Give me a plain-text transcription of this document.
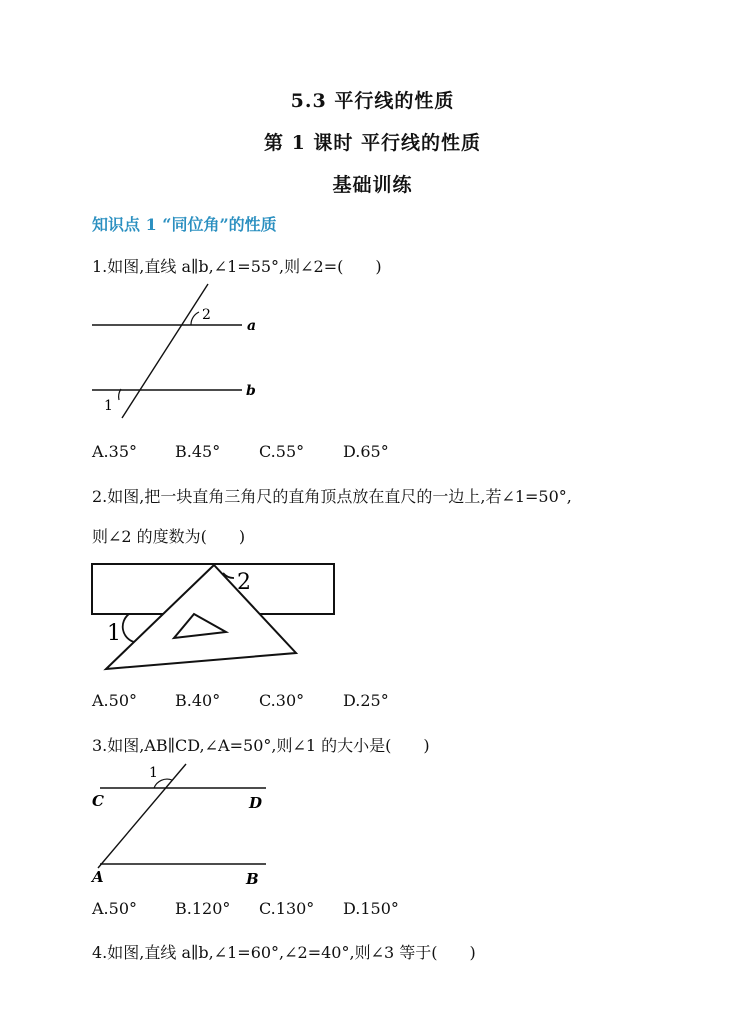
5.3 平行线的性质
第 1 课时 平行线的性质
基础训练
知识点 1 “同位角”的性质
1.如图,直线 a∥b,∠1=55°,则∠2=(　　)
2
a
b
1
A.35° B.45° C.55° D.65°
2.如图,把一块直角三角尺的直角顶点放在直尺的一边上,若∠1=50°,
则∠2 的度数为(　　)
2
1
A.50° B.40° C.30° D.25°
3.如图,AB∥CD,∠A=50°,则∠1 的大小是(　　)
1
C	D
A	B
A.50° B.120° C.130° D.150°
4.如图,直线 a∥b,∠1=60°,∠2=40°,则∠3 等于(　　)
